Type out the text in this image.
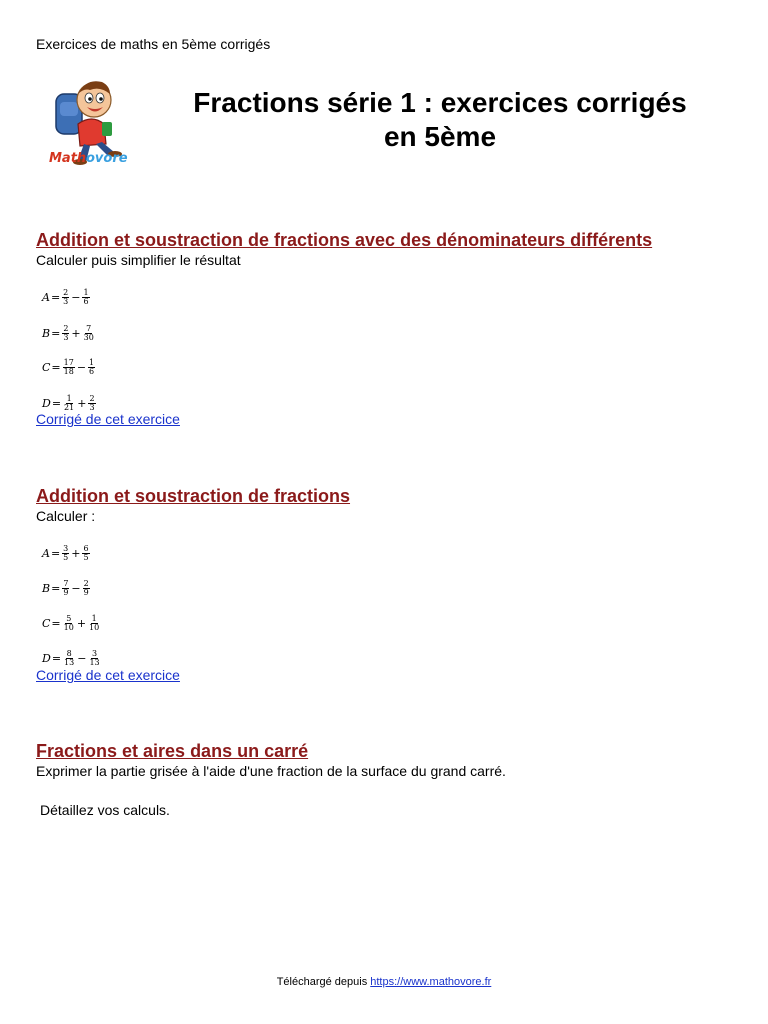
Exercices de maths en 5ème corrigés
Math ovore
Fractions série 1 : exercices corrigés
en 5ème
Addition et soustraction de fractions avec des dénominateurs différents
Calculer puis simplifier le résultat
$A = \frac{2}{3} - \frac{1}{6}$
$B = \frac{2}{3} + \frac{7}{30}$
$C = \frac{17}{18} - \frac{1}{6}$
$D = \frac{1}{21} + \frac{2}{3}$
Corrigé de cet exercice
Addition et soustraction de fractions
Calculer :
$A = \frac{3}{5} + \frac{6}{5}$
$B = \frac{7}{9} - \frac{2}{9}$
$C = \frac{5}{10} + \frac{1}{10}$
$D = \frac{8}{13} - \frac{3}{13}$
Corrigé de cet exercice
Fractions et aires dans un carré
Exprimer la partie grisée à l'aide d'une fraction de la surface du grand carré.
Détaillez vos calculs.
Téléchargé depuis https://www.mathovore.fr
